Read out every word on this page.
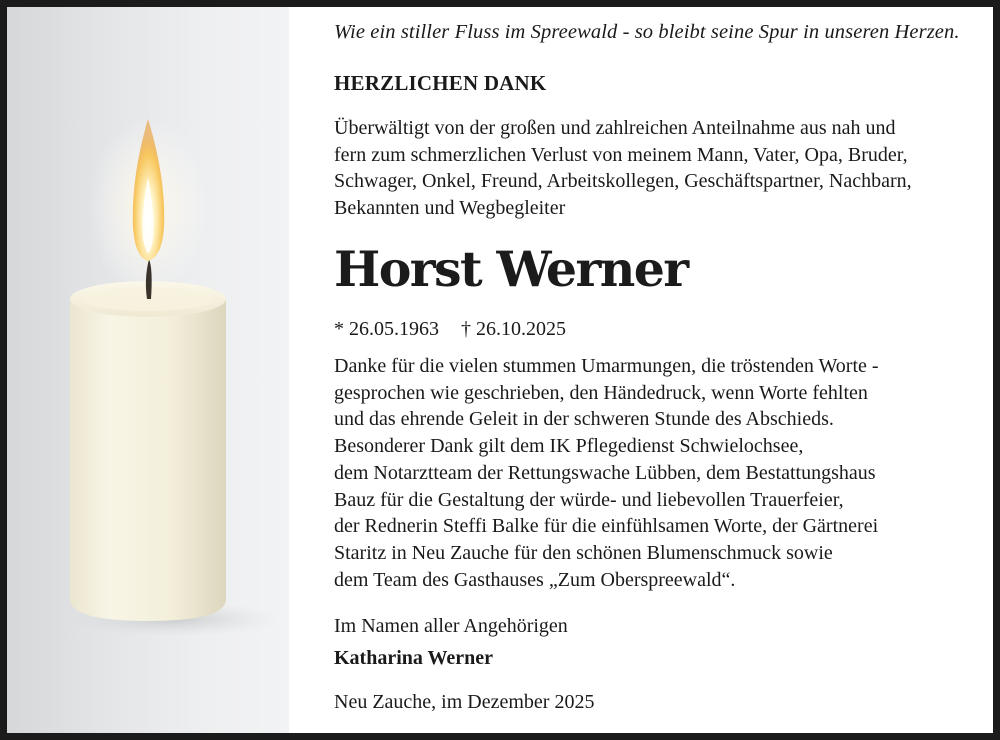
Wie ein stiller Fluss im Spreewald - so bleibt seine Spur in unseren Herzen.
HERZLICHEN DANK
Überwältigt von der großen und zahlreichen Anteilnahme aus nah und
fern zum schmerzlichen Verlust von meinem Mann, Vater, Opa, Bruder,
Schwager, Onkel, Freund, Arbeitskollegen, Geschäftspartner, Nachbarn,
Bekannten und Wegbegleiter
Horst Werner
* 26.05.1963 † 26.10.2025
Danke für die vielen stummen Umarmungen, die tröstenden Worte -
gesprochen wie geschrieben, den Händedruck, wenn Worte fehlten
und das ehrende Geleit in der schweren Stunde des Abschieds.
Besonderer Dank gilt dem IK Pflegedienst Schwielochsee,
dem Notarztteam der Rettungswache Lübben, dem Bestattungshaus
Bauz für die Gestaltung der würde- und liebevollen Trauerfeier,
der Rednerin Steffi Balke für die einfühlsamen Worte, der Gärtnerei
Staritz in Neu Zauche für den schönen Blumenschmuck sowie
dem Team des Gasthauses „Zum Oberspreewald“.
Im Namen aller Angehörigen
Katharina Werner
Neu Zauche, im Dezember 2025
